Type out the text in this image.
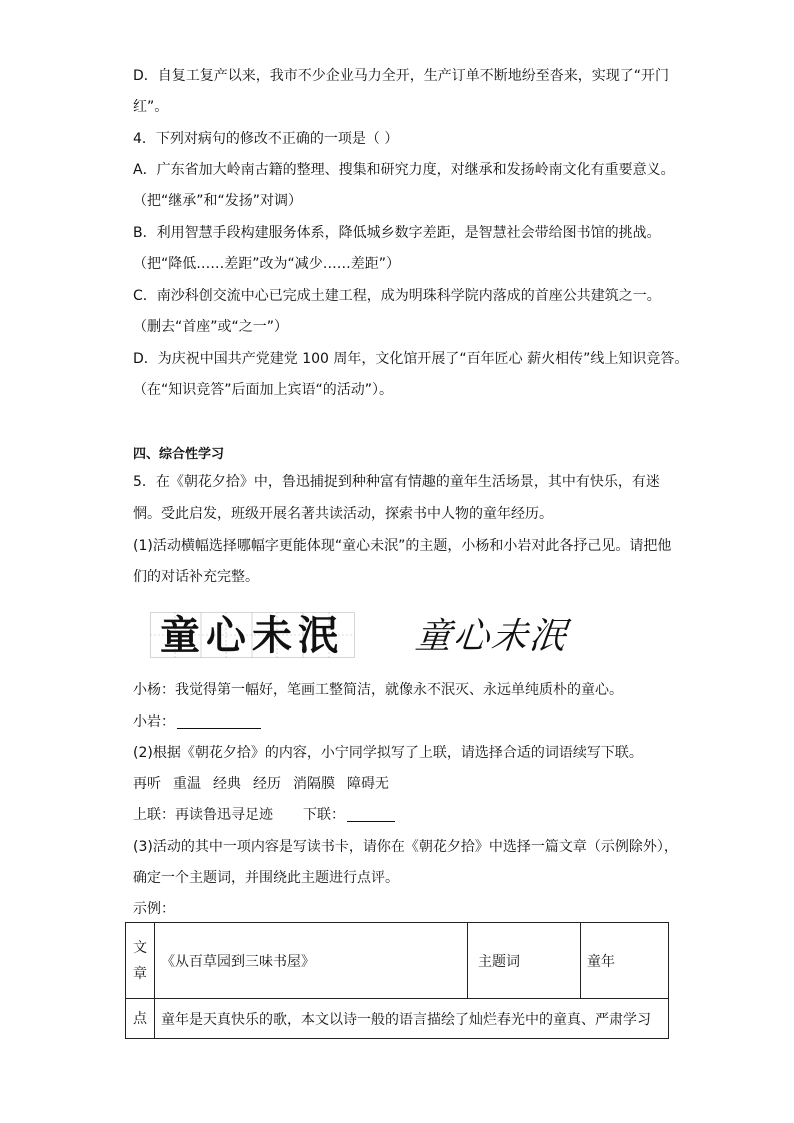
D．自复工复产以来，我市不少企业马力全开，生产订单不断地纷至沓来，实现了“开门
红”。
4．下列对病句的修改不正确的一项是（ ）
A．广东省加大岭南古籍的整理、搜集和研究力度，对继承和发扬岭南文化有重要意义。
（把“继承”和“发扬”对调）
B．利用智慧手段构建服务体系，降低城乡数字差距，是智慧社会带给图书馆的挑战。
（把“降低……差距”改为“减少……差距”）
C．南沙科创交流中心已完成土建工程，成为明珠科学院内落成的首座公共建筑之一。
（删去“首座”或“之一”）
D．为庆祝中国共产党建党 100 周年，文化馆开展了“百年匠心 薪火相传”线上知识竞答。
（在“知识竞答”后面加上宾语“的活动”）。
四、综合性学习
5．在《朝花夕拾》中，鲁迅捕捉到种种富有情趣的童年生活场景，其中有快乐，有迷
惘。受此启发，班级开展名著共读活动，探索书中人物的童年经历。
(1)活动横幅选择哪幅字更能体现“童心未泯”的主题，小杨和小岩对此各抒己见。请把他
们的对话补充完整。
童心未泯 童心未泯
小杨：我觉得第一幅好，笔画工整简洁，就像永不泯灭、永远单纯质朴的童心。
小岩：
(2)根据《朝花夕拾》的内容，小宁同学拟写了上联，请选择合适的词语续写下联。
再听 重温 经典 经历 消隔膜 障碍无
上联：再读鲁迅寻足迹 下联：
(3)活动的其中一项内容是写读书卡，请你在《朝花夕拾》中选择一篇文章（示例除外），
确定一个主题词，并围绕此主题进行点评。
示例：
文
章	《从百草园到三味书屋》	主题词	童年
点	童年是天真快乐的歌，本文以诗一般的语言描绘了灿烂春光中的童真、严肃学习		
